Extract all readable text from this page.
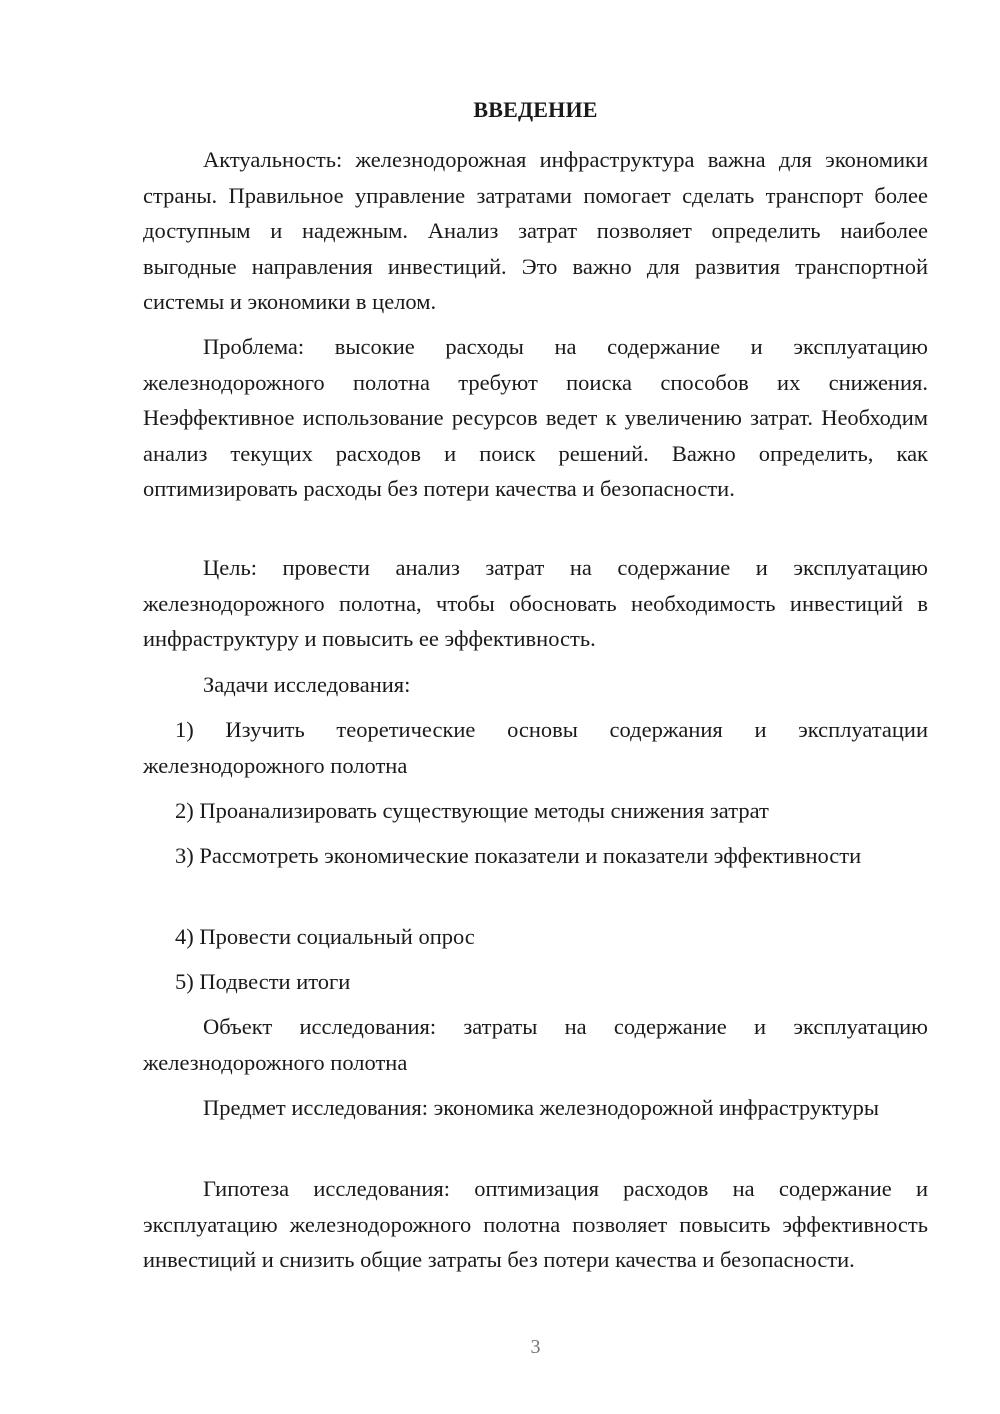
ВВЕДЕНИЕ

Актуальность: железнодорожная инфраструктура важна для экономики страны. Правильное управление затратами помогает сделать транспорт более доступным и надежным. Анализ затрат позволяет определить наиболее выгодные направления инвестиций. Это важно для развития транспортной системы и экономики в целом.

Проблема: высокие расходы на содержание и эксплуатацию железнодорожного полотна требуют поиска способов их снижения. Неэффективное использование ресурсов ведет к увеличению затрат. Необходим анализ текущих расходов и поиск решений. Важно определить, как оптимизировать расходы без потери качества и безопасности.

Цель: провести анализ затрат на содержание и эксплуатацию железнодорожного полотна, чтобы обосновать необходимость инвестиций в инфраструктуру и повысить ее эффективность.

Задачи исследования:

1) Изучить теоретические основы содержания и эксплуатации железнодорожного полотна

2) Проанализировать существующие методы снижения затрат

3) Рассмотреть экономические показатели и показатели эффективности

4) Провести социальный опрос

5) Подвести итоги

Объект исследования: затраты на содержание и эксплуатацию железнодорожного полотна

Предмет исследования: экономика железнодорожной инфраструктуры

Гипотеза исследования: оптимизация расходов на содержание и эксплуатацию железнодорожного полотна позволяет повысить эффективность инвестиций и снизить общие затраты без потери качества и безопасности.

3
